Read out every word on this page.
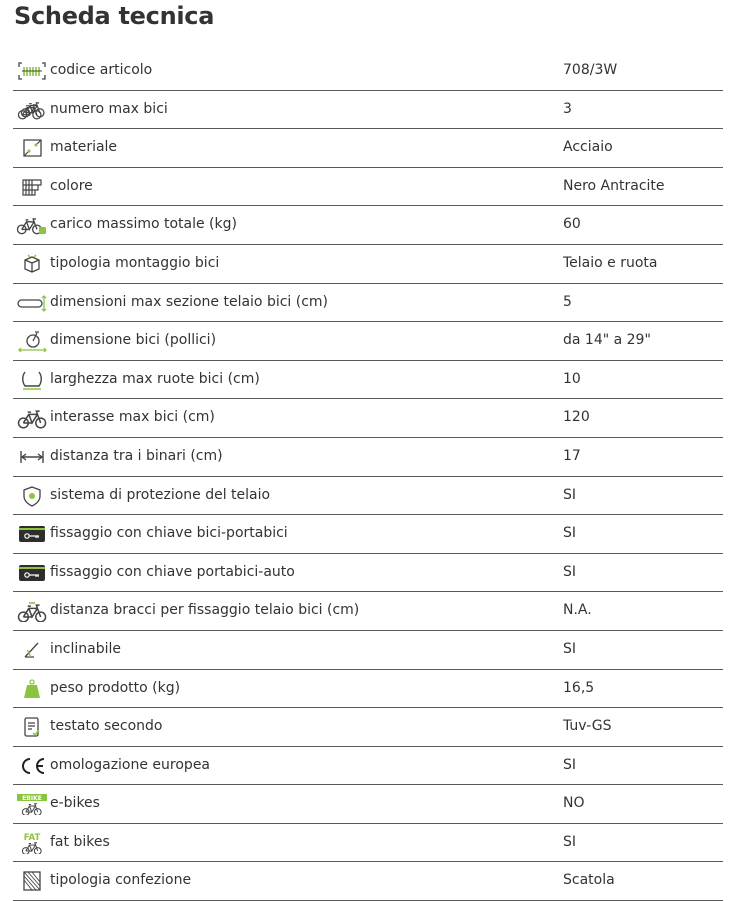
Scheda tecnica
codice articolo	708/3W
numero max bici	3
materiale	Acciaio
colore	Nero Antracite
carico massimo totale (kg)	60
tipologia montaggio bici	Telaio e ruota
dimensioni max sezione telaio bici (cm)	5
dimensione bici (pollici)	da 14" a 29"
larghezza max ruote bici (cm)	10
interasse max bici (cm)	120
distanza tra i binari (cm)	17
sistema di protezione del telaio	SI
fissaggio con chiave bici-portabici	SI
fissaggio con chiave portabici-auto	SI
distanza bracci per fissaggio telaio bici (cm)	N.A.
inclinabile	SI
peso prodotto (kg)	16,5
testato secondo	Tuv-GS
omologazione europea	SI
EBIKE e-bikes	NO
FAT fat bikes	SI
tipologia confezione	Scatola
